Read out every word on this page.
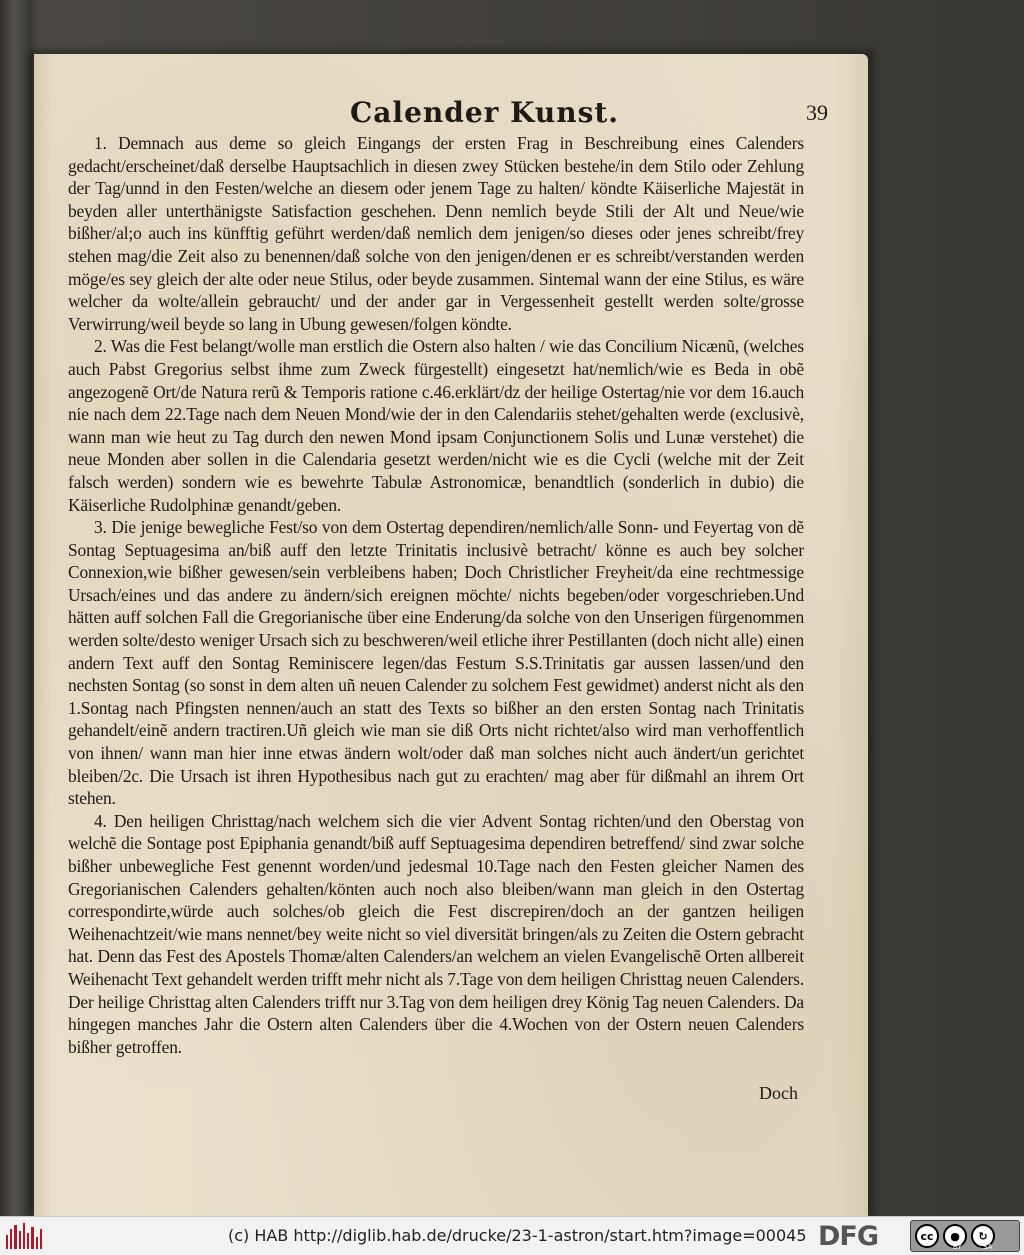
Calender Kunst.	39

1. Demnach aus deme so gleich Eingangs der ersten Frag in Beschreibung eines Calenders gedacht/erscheinet/daß derselbe Hauptsachlich in diesen zwey Stücken bestehe/in dem Stilo oder Zehlung der Tag/unnd in den Festen/welche an diesem oder jenem Tage zu halten/ köndte Käiserliche Majestät in beyden aller unterthänigste Satisfaction geschehen. Denn nemlich beyde Stili der Alt und Neue/wie bißher/al;o auch ins künfftig geführt werden/daß nemlich dem jenigen/so dieses oder jenes schreibt/frey stehen mag/die Zeit also zu benennen/daß solche von den jenigen/denen er es schreibt/verstanden werden möge/es sey gleich der alte oder neue Stilus, oder beyde zusammen. Sintemal wann der eine Stilus, es wäre welcher da wolte/allein gebraucht/ und der ander gar in Vergessenheit gestellt werden solte/grosse Verwirrung/weil beyde so lang in Ubung gewesen/folgen köndte.

2. Was die Fest belangt/wolle man erstlich die Ostern also halten / wie das Concilium Nicænũ, (welches auch Pabst Gregorius selbst ihme zum Zweck fürgestellt) eingesetzt hat/nemlich/wie es Beda in obẽ angezogenẽ Ort/de Natura rerũ & Temporis ratione c.46.erklärt/dz der heilige Ostertag/nie vor dem 16.auch nie nach dem 22.Tage nach dem Neuen Mond/wie der in den Calendariis stehet/gehalten werde (exclusivè, wann man wie heut zu Tag durch den newen Mond ipsam Conjunctionem Solis und Lunæ verstehet) die neue Monden aber sollen in die Calendaria gesetzt werden/nicht wie es die Cycli (welche mit der Zeit falsch werden) sondern wie es bewehrte Tabulæ Astronomicæ, benandtlich (sonderlich in dubio) die Käiserliche Rudolphinæ genandt/geben.

3. Die jenige bewegliche Fest/so von dem Ostertag dependiren/nemlich/alle Sonn- und Feyertag von dẽ Sontag Septuagesima an/biß auff den letzte Trinitatis inclusivè betracht/ könne es auch bey solcher Connexion,wie bißher gewesen/sein verbleibens haben; Doch Christlicher Freyheit/da eine rechtmessige Ursach/eines und das andere zu ändern/sich ereignen möchte/ nichts begeben/oder vorgeschrieben.Und hätten auff solchen Fall die Gregorianische über eine Enderung/da solche von den Unserigen fürgenommen werden solte/desto weniger Ursach sich zu beschweren/weil etliche ihrer Pestillanten (doch nicht alle) einen andern Text auff den Sontag Reminiscere legen/das Festum S.S.Trinitatis gar aussen lassen/und den nechsten Sontag (so sonst in dem alten uñ neuen Calender zu solchem Fest gewidmet) anderst nicht als den 1.Sontag nach Pfingsten nennen/auch an statt des Texts so bißher an den ersten Sontag nach Trinitatis gehandelt/einẽ andern tractiren.Uñ gleich wie man sie diß Orts nicht richtet/also wird man verhoffentlich von ihnen/ wann man hier inne etwas ändern wolt/oder daß man solches nicht auch ändert/un gerichtet bleiben/2c. Die Ursach ist ihren Hypothesibus nach gut zu erachten/ mag aber für dißmahl an ihrem Ort stehen.

4. Den heiligen Christtag/nach welchem sich die vier Advent Sontag richten/und den Oberstag von welchẽ die Sontage post Epiphania genandt/biß auff Septuagesima dependiren betreffend/ sind zwar solche bißher unbewegliche Fest genennt worden/und jedesmal 10.Tage nach den Festen gleicher Namen des Gregorianischen Calenders gehalten/könten auch noch also bleiben/wann man gleich in den Ostertag correspondirte,würde auch solches/ob gleich die Fest discrepiren/doch an der gantzen heiligen Weihenachtzeit/wie mans nennet/bey weite nicht so viel diversität bringen/als zu Zeiten die Ostern gebracht hat. Denn das Fest des Apostels Thomæ/alten Calenders/an welchem an vielen Evangelischẽ Orten allbereit Weihenacht Text gehandelt werden trifft mehr nicht als 7.Tage von dem heiligen Christtag neuen Calenders. Der heilige Christtag alten Calenders trifft nur 3.Tag von dem heiligen drey König Tag neuen Calenders. Da hingegen manches Jahr die Ostern alten Calenders über die 4.Wochen von der Ostern neuen Calenders bißher getroffen.

Doch
(c) HAB http://diglib.hab.de/drucke/23-1-astron/start.htm?image=00045 DFG	cc	●	↻
BY	SA
